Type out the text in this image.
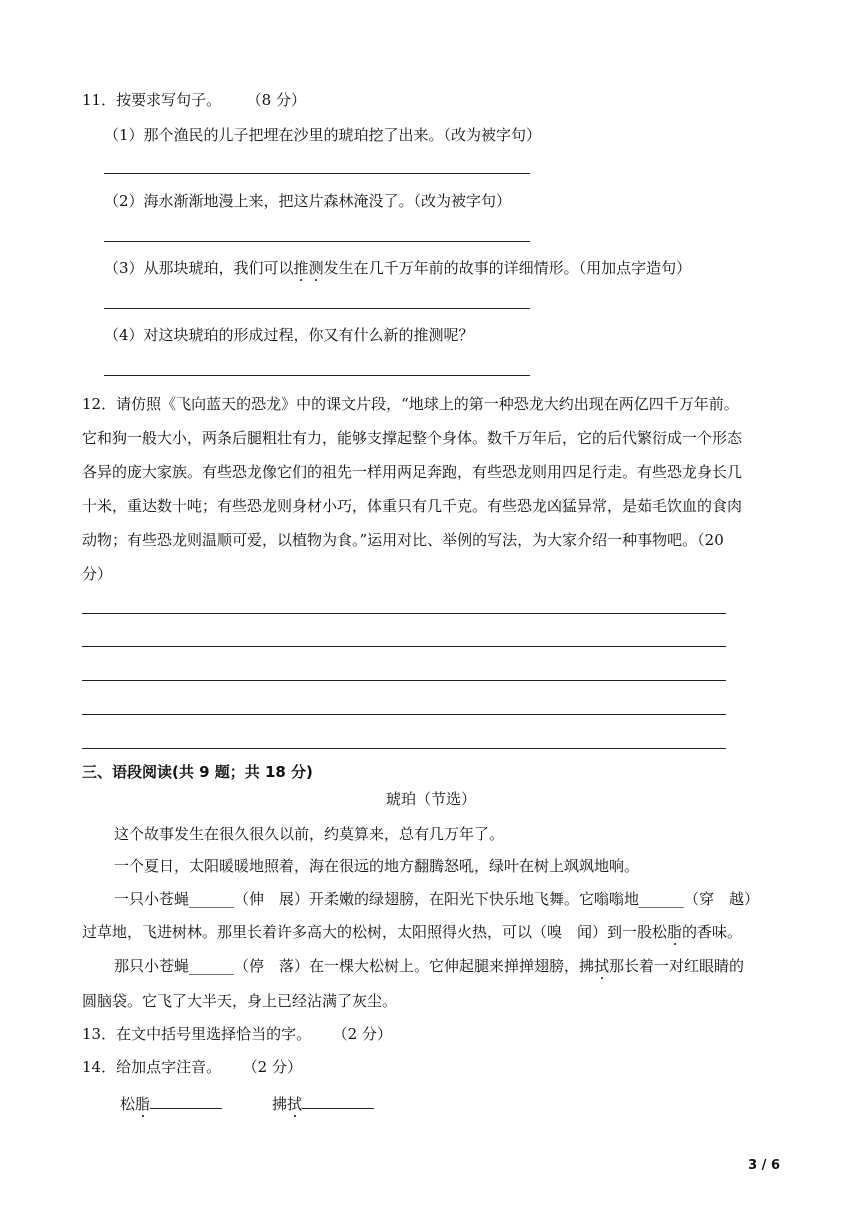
11．按要求写句子。 （8 分）
（1）那个渔民的儿子把埋在沙里的琥珀挖了出来。（改为被字句）
（2）海水渐渐地漫上来，把这片森林淹没了。（改为被字句）
（3）从那块琥珀，我们可以推测发生在几千万年前的故事的详细情形。（用加点字造句）
（4）对这块琥珀的形成过程，你又有什么新的推测呢？
12．请仿照《飞向蓝天的恐龙》中的课文片段，“地球上的第一种恐龙大约出现在两亿四千万年前。
它和狗一般大小，两条后腿粗壮有力，能够支撑起整个身体。数千万年后，它的后代繁衍成一个形态
各异的庞大家族。有些恐龙像它们的祖先一样用两足奔跑，有些恐龙则用四足行走。有些恐龙身长几
十米，重达数十吨；有些恐龙则身材小巧，体重只有几千克。有些恐龙凶猛异常，是茹毛饮血的食肉
动物；有些恐龙则温顺可爱，以植物为食。”运用对比、举例的写法，为大家介绍一种事物吧。（20
分）
三、语段阅读(共 9 题；共 18 分)
琥珀（节选）
这个故事发生在很久很久以前，约莫算来，总有几万年了。
一个夏日，太阳暖暖地照着，海在很远的地方翻腾怒吼，绿叶在树上飒飒地响。
一只小苍蝇______（伸　展）开柔嫩的绿翅膀，在阳光下快乐地飞舞。它嗡嗡地______（穿　越）
过草地，飞进树林。那里长着许多高大的松树，太阳照得火热，可以（嗅　闻）到一股松脂的香味。
那只小苍蝇______（停　落）在一棵大松树上。它伸起腿来掸掸翅膀，拂拭那长着一对红眼睛的
圆脑袋。它飞了大半天，身上已经沾满了灰尘。
13．在文中括号里选择恰当的字。 （2 分）
14．给加点字注音。 （2 分）
松脂	拂拭
3 / 6
